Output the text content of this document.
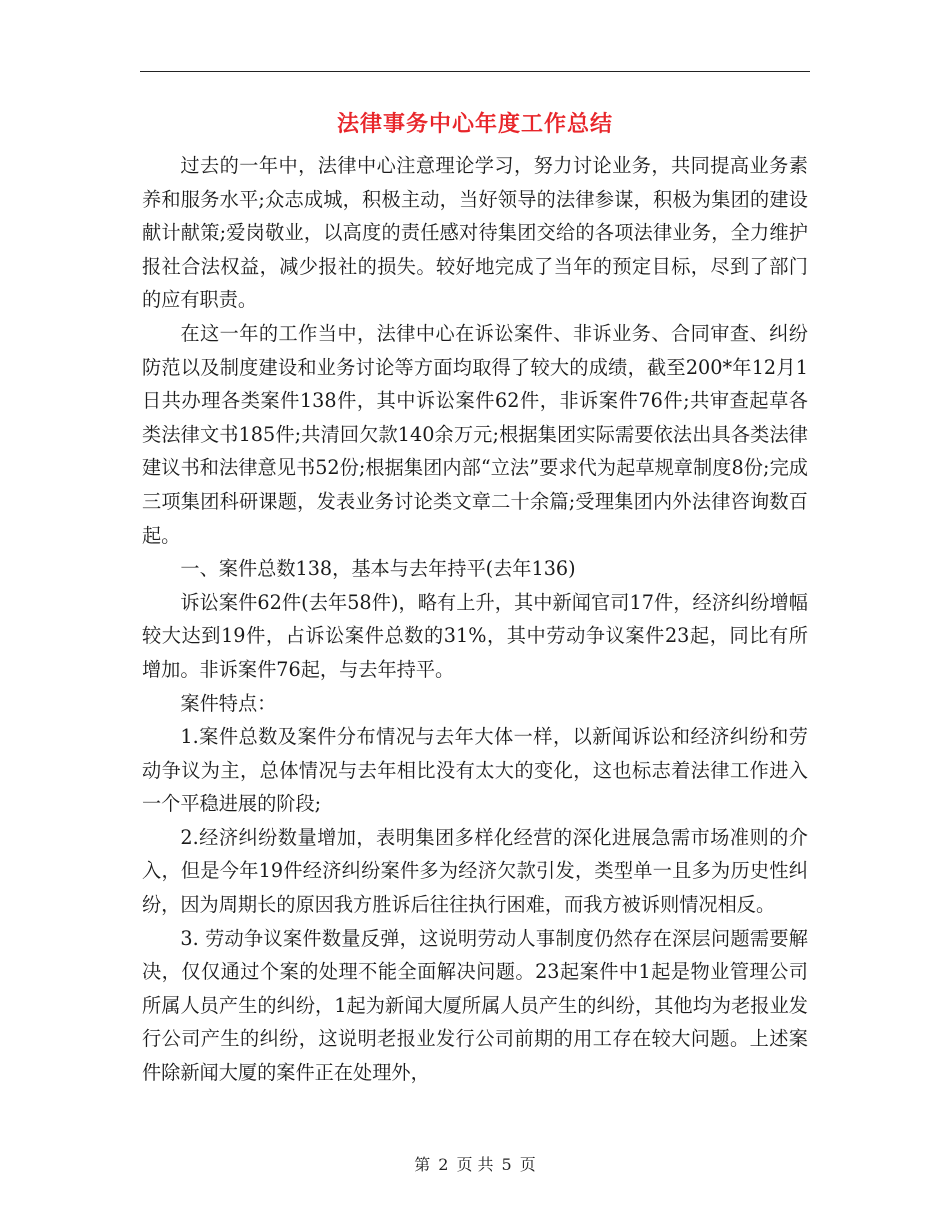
法律事务中心年度工作总结

过去的一年中，法律中心注意理论学习，努力讨论业务，共同提高业务素养和服务水平;众志成城，积极主动，当好领导的法律参谋，积极为集团的建设献计献策;爱岗敬业，以高度的责任感对待集团交给的各项法律业务，全力维护报社合法权益，减少报社的损失。较好地完成了当年的预定目标，尽到了部门的应有职责。

在这一年的工作当中，法律中心在诉讼案件、非诉业务、合同审查、纠纷防范以及制度建设和业务讨论等方面均取得了较大的成绩，截至200*年12月1日共办理各类案件138件，其中诉讼案件62件，非诉案件76件;共审查起草各类法律文书185件;共清回欠款140余万元;根据集团实际需要依法出具各类法律建议书和法律意见书52份;根据集团内部“立法”要求代为起草规章制度8份;完成三项集团科研课题，发表业务讨论类文章二十余篇;受理集团内外法律咨询数百起。

一、案件总数138，基本与去年持平(去年136)

诉讼案件62件(去年58件)，略有上升，其中新闻官司17件，经济纠纷增幅较大达到19件，占诉讼案件总数的31%，其中劳动争议案件23起，同比有所增加。非诉案件76起，与去年持平。

案件特点：

1.案件总数及案件分布情况与去年大体一样，以新闻诉讼和经济纠纷和劳动争议为主，总体情况与去年相比没有太大的变化，这也标志着法律工作进入一个平稳进展的阶段;

2.经济纠纷数量增加，表明集团多样化经营的深化进展急需市场准则的介入，但是今年19件经济纠纷案件多为经济欠款引发，类型单一且多为历史性纠纷，因为周期长的原因我方胜诉后往往执行困难，而我方被诉则情况相反。

3. 劳动争议案件数量反弹，这说明劳动人事制度仍然存在深层问题需要解决，仅仅通过个案的处理不能全面解决问题。23起案件中1起是物业管理公司所属人员产生的纠纷，1起为新闻大厦所属人员产生的纠纷，其他均为老报业发行公司产生的纠纷，这说明老报业发行公司前期的用工存在较大问题。上述案件除新闻大厦的案件正在处理外，

第 2 页 共 5 页
